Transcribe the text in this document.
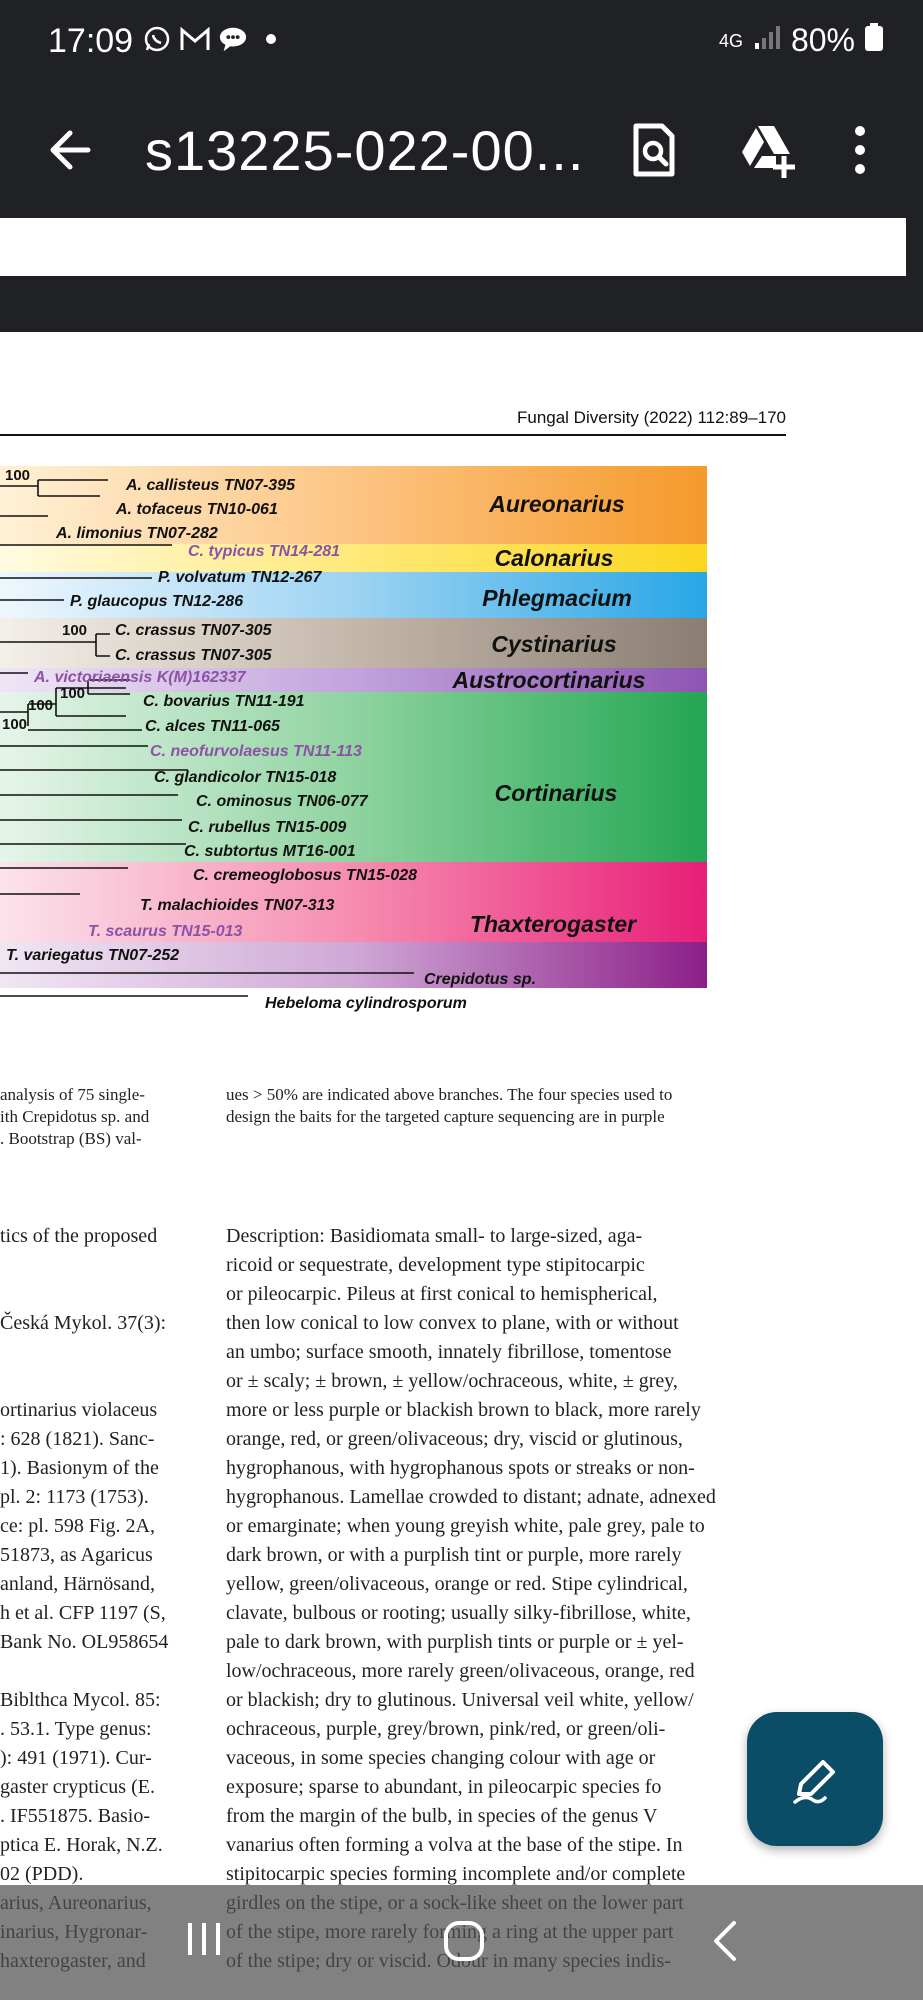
17:09	4G 80%
s13225-022-00...
Fungal Diversity (2022) 112:89–170
100
100
100
100
100
A. callisteus TN07-395
A. tofaceus TN10-061
A. limonius TN07-282
C. typicus TN14-281
P. volvatum TN12-267
P. glaucopus TN12-286
C. crassus TN07-305
C. crassus TN07-305
A. victoriaensis K(M)162337
C. bovarius TN11-191
C. alces TN11-065
C. neofurvolaesus TN11-113
C. glandicolor TN15-018
C. ominosus TN06-077
C. rubellus TN15-009
C. subtortus MT16-001
C. cremeoglobosus TN15-028
T. malachioides TN07-313
T. scaurus TN15-013
T. variegatus TN07-252
Crepidotus sp.
Hebeloma cylindrosporum
Aureonarius
Calonarius
Phlegmacium
Cystinarius
Austrocortinarius
Cortinarius
Thaxterogaster
analysis of 75 single-
ith Crepidotus sp. and
. Bootstrap (BS) val-
ues > 50% are indicated above branches. The four species used to
design the baits for the targeted capture sequencing are in purple
tics of the proposed
Česká Mykol. 37(3):
ortinarius violaceus
: 628 (1821). Sanc-
1). Basionym of the
pl. 2: 1173 (1753).
ce: pl. 598 Fig. 2A,
51873, as Agaricus
anland, Härnösand,
h et al. CFP 1197 (S,
Bank No. OL958654
Biblthca Mycol. 85:
. 53.1. Type genus:
): 491 (1971). Cur-
gaster crypticus (E.
. IF551875. Basio-
ptica E. Horak, N.Z.
02 (PDD).
Description: Basidiomata small- to large-sized, aga-
ricoid or sequestrate, development type stipitocarpic
or pileocarpic. Pileus at first conical to hemispherical,
then low conical to low convex to plane, with or without
an umbo; surface smooth, innately fibrillose, tomentose
or ± scaly; ± brown, ± yellow/ochraceous, white, ± grey,
more or less purple or blackish brown to black, more rarely
orange, red, or green/olivaceous; dry, viscid or glutinous,
hygrophanous, with hygrophanous spots or streaks or non-
hygrophanous. Lamellae crowded to distant; adnate, adnexed
or emarginate; when young greyish white, pale grey, pale to
dark brown, or with a purplish tint or purple, more rarely
yellow, green/olivaceous, orange or red. Stipe cylindrical,
clavate, bulbous or rooting; usually silky-fibrillose, white,
pale to dark brown, with purplish tints or purple or ± yel-
low/ochraceous, more rarely green/olivaceous, orange, red
or blackish; dry to glutinous. Universal veil white, yellow/
ochraceous, purple, grey/brown, pink/red, or green/oli-
vaceous, in some species changing colour with age or
exposure; sparse to abundant, in pileocarpic species fo
from the margin of the bulb, in species of the genus V
vanarius often forming a volva at the base of the stipe. In
stipitocarpic species forming incomplete and/or complete
